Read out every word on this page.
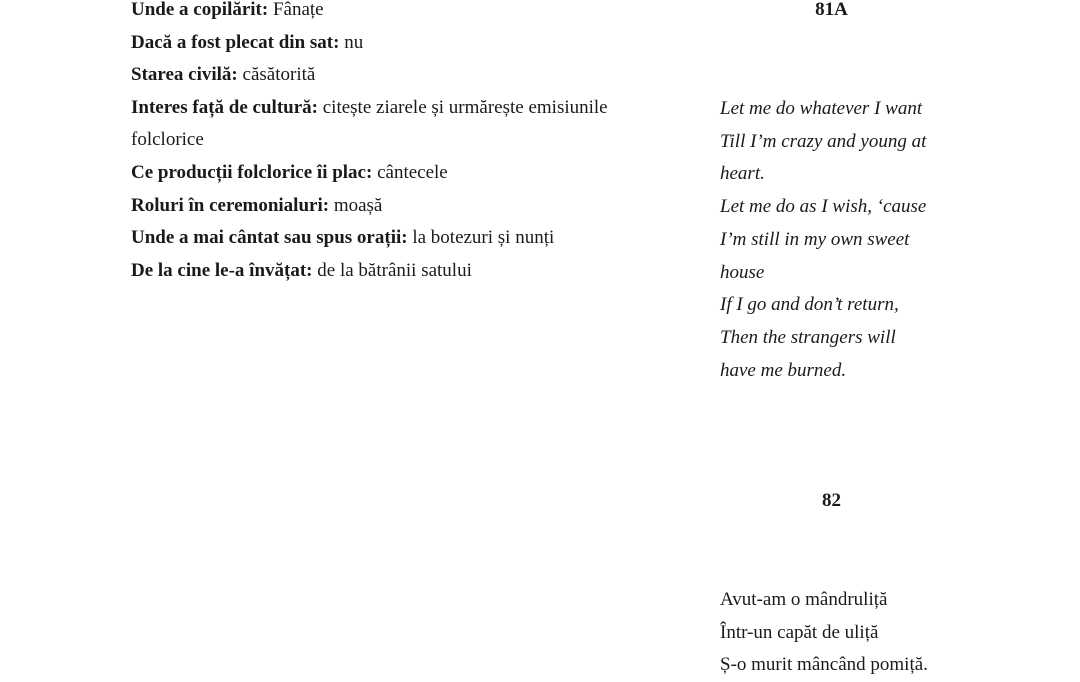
Unde a copilărit: Fânațe

Dacă a fost plecat din sat: nu

Starea civilă: căsătorită

Interes față de cultură: citește ziarele și urmărește emisiunile folclorice

Ce producții folclorice îi plac: cântecele

Roluri în ceremonialuri: moașă

Unde a mai cântat sau spus orații: la botezuri și nunți

De la cine le-a învățat: de la bătrânii satului

81A

Let me do whatever I want

Till I’m crazy and young at

heart.

Let me do as I wish, ‘cause

I’m still in my own sweet

house

If I go and don’t return,

Then the strangers will

have me burned.

82

Avut-am o mândruliță

Într-un capăt de uliță

Ș-o murit mâncând pomiță.
